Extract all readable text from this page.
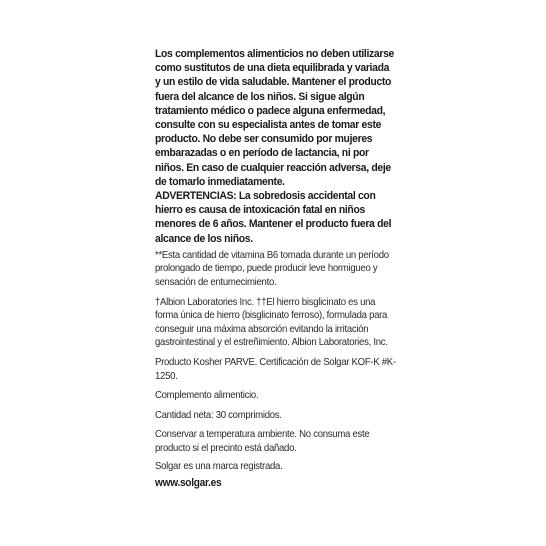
Los complementos alimenticios no deben utilizarse como sustitutos de una dieta equilibrada y variada y un estilo de vida saludable. Mantener el producto fuera del alcance de los niños. Si sigue algún tratamiento médico o padece alguna enfermedad, consulte con su especialista antes de tomar este producto. No debe ser consumido por mujeres embarazadas o en período de lactancia, ni por niños. En caso de cualquier reacción adversa, deje de tomarlo inmediatamente.

ADVERTENCIAS: La sobredosis accidental con hierro es causa de intoxicación fatal en niños menores de 6 años. Mantener el producto fuera del alcance de los niños.

**Esta cantidad de vitamina B6 tomada durante un período prolongado de tiempo, puede producir leve hormigueo y sensación de entumecimiento.

†Albion Laboratories Inc. ††El hierro bisglicinato es una forma única de hierro (bisglicinato ferroso), formulada para conseguir una máxima absorción evitando la irritación gastrointestinal y el estreñimiento. Albion Laboratories, Inc.

Producto Kosher PARVE. Certificación de Solgar KOF-K #K-1250.

Complemento alimenticio.

Cantidad neta: 30 comprimidos.

Conservar a temperatura ambiente. No consuma este producto si el precinto está dañado.

Solgar es una marca registrada.

www.solgar.es
